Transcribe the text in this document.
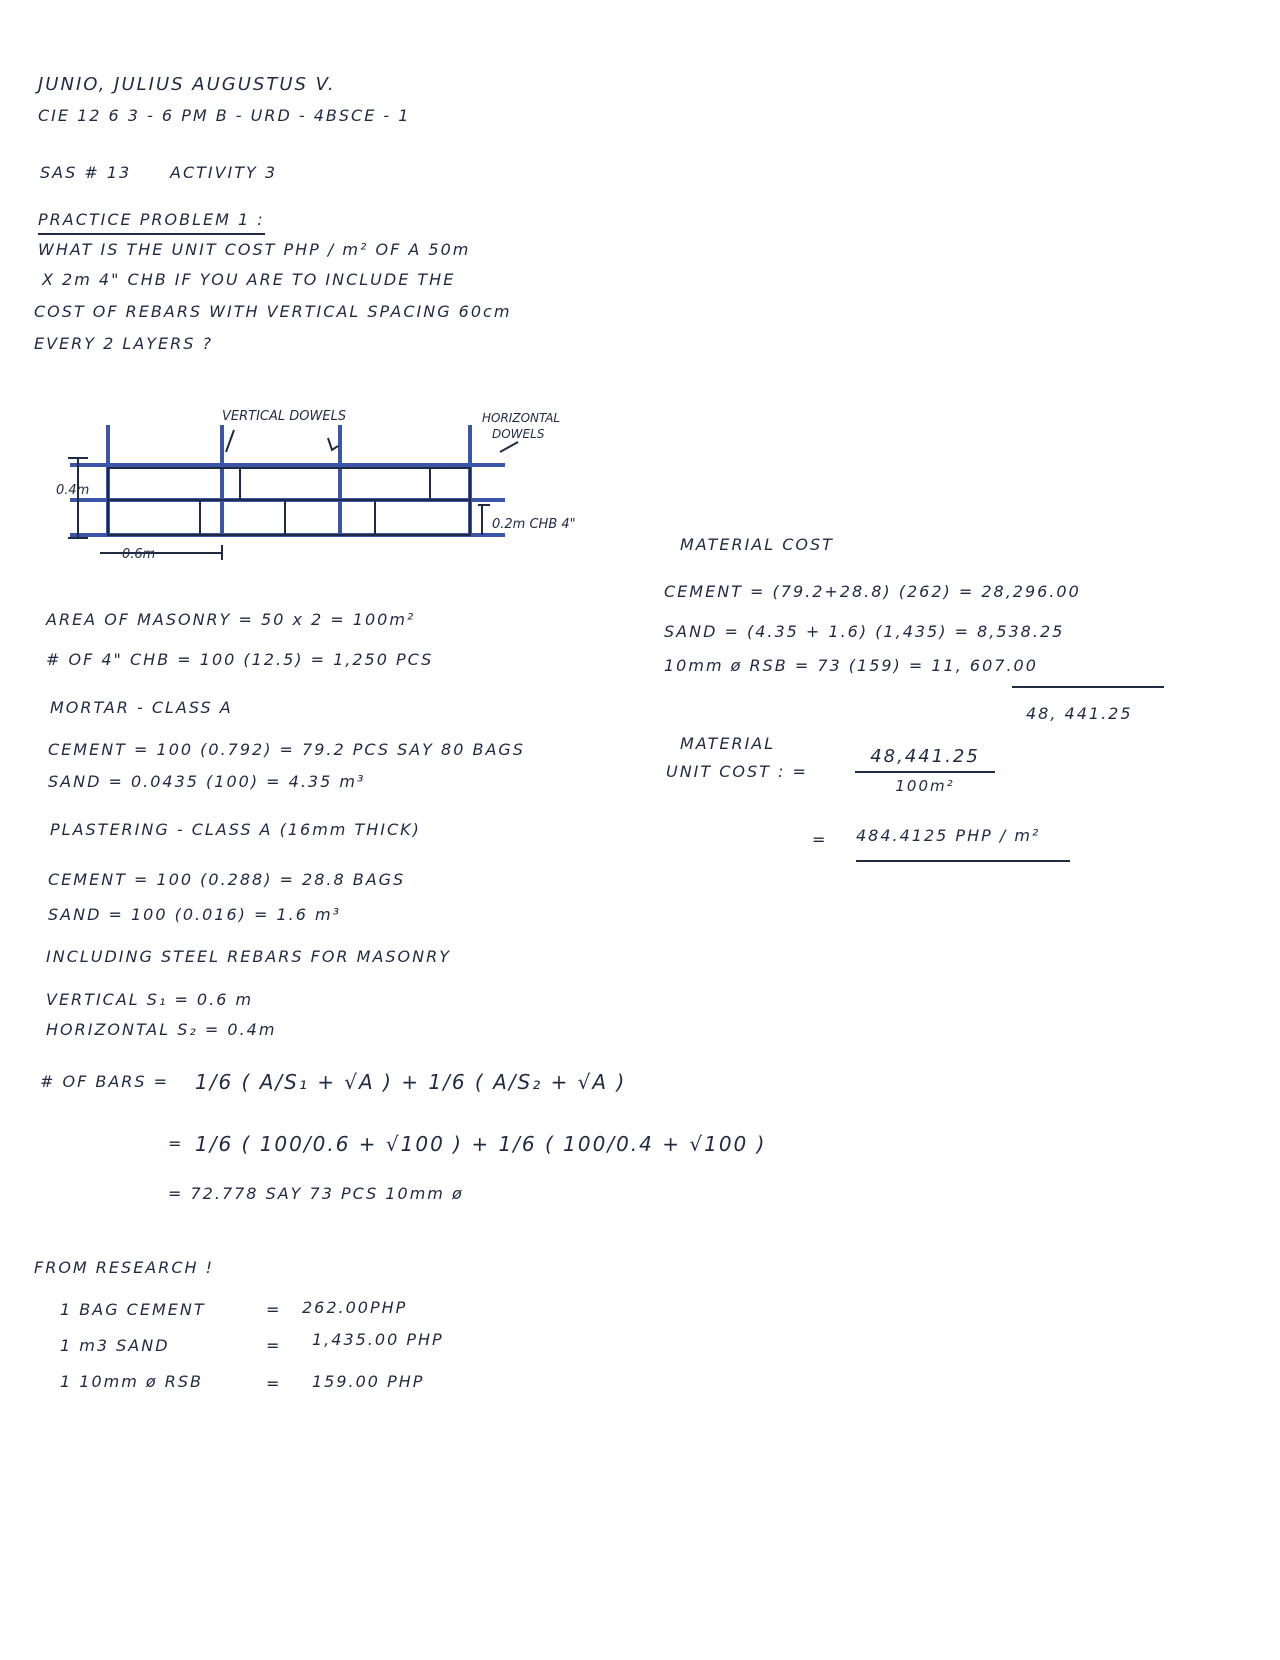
JUNIO, JULIUS AUGUSTUS V.
CIE 12 6 3 - 6 PM B - URD - 4BSCE - 1
SAS # 13 ACTIVITY 3
PRACTICE PROBLEM 1 :
WHAT IS THE UNIT COST PHP / m² OF A 50m
X 2m 4" CHB IF YOU ARE TO INCLUDE THE
COST OF REBARS WITH VERTICAL SPACING 60cm
EVERY 2 LAYERS ?
VERTICAL DOWELS	HORIZONTAL
DOWELS
0.4m
0.6m
0.2m CHB 4"
AREA OF MASONRY = 50 x 2 = 100m²
# OF 4" CHB = 100 (12.5) = 1,250 PCS
MORTAR - CLASS A
CEMENT = 100 (0.792) = 79.2 PCS SAY 80 BAGS
SAND = 0.0435 (100) = 4.35 m³
PLASTERING - CLASS A (16mm THICK)
CEMENT = 100 (0.288) = 28.8 BAGS
SAND = 100 (0.016) = 1.6 m³
INCLUDING STEEL REBARS FOR MASONRY
VERTICAL S₁ = 0.6 m
HORIZONTAL S₂ = 0.4m
# OF BARS = 1/6 ( A/S₁ + √A ) + 1/6 ( A/S₂ + √A )
= 1/6 ( 100/0.6 + √100 ) + 1/6 ( 100/0.4 + √100 )
= 72.778 SAY 73 PCS 10mm ø
FROM RESEARCH !
1 BAG CEMENT	= 262.00PHP
1 m3 SAND	= 1,435.00 PHP
1 10mm ø RSB	= 159.00 PHP
MATERIAL COST
CEMENT = (79.2+28.8) (262) = 28,296.00
SAND = (4.35 + 1.6) (1,435) = 8,538.25
10mm ø RSB = 73 (159) = 11, 607.00
48, 441.25
MATERIAL
UNIT COST : =
48,441.25
100m²
= 484.4125 PHP / m²
